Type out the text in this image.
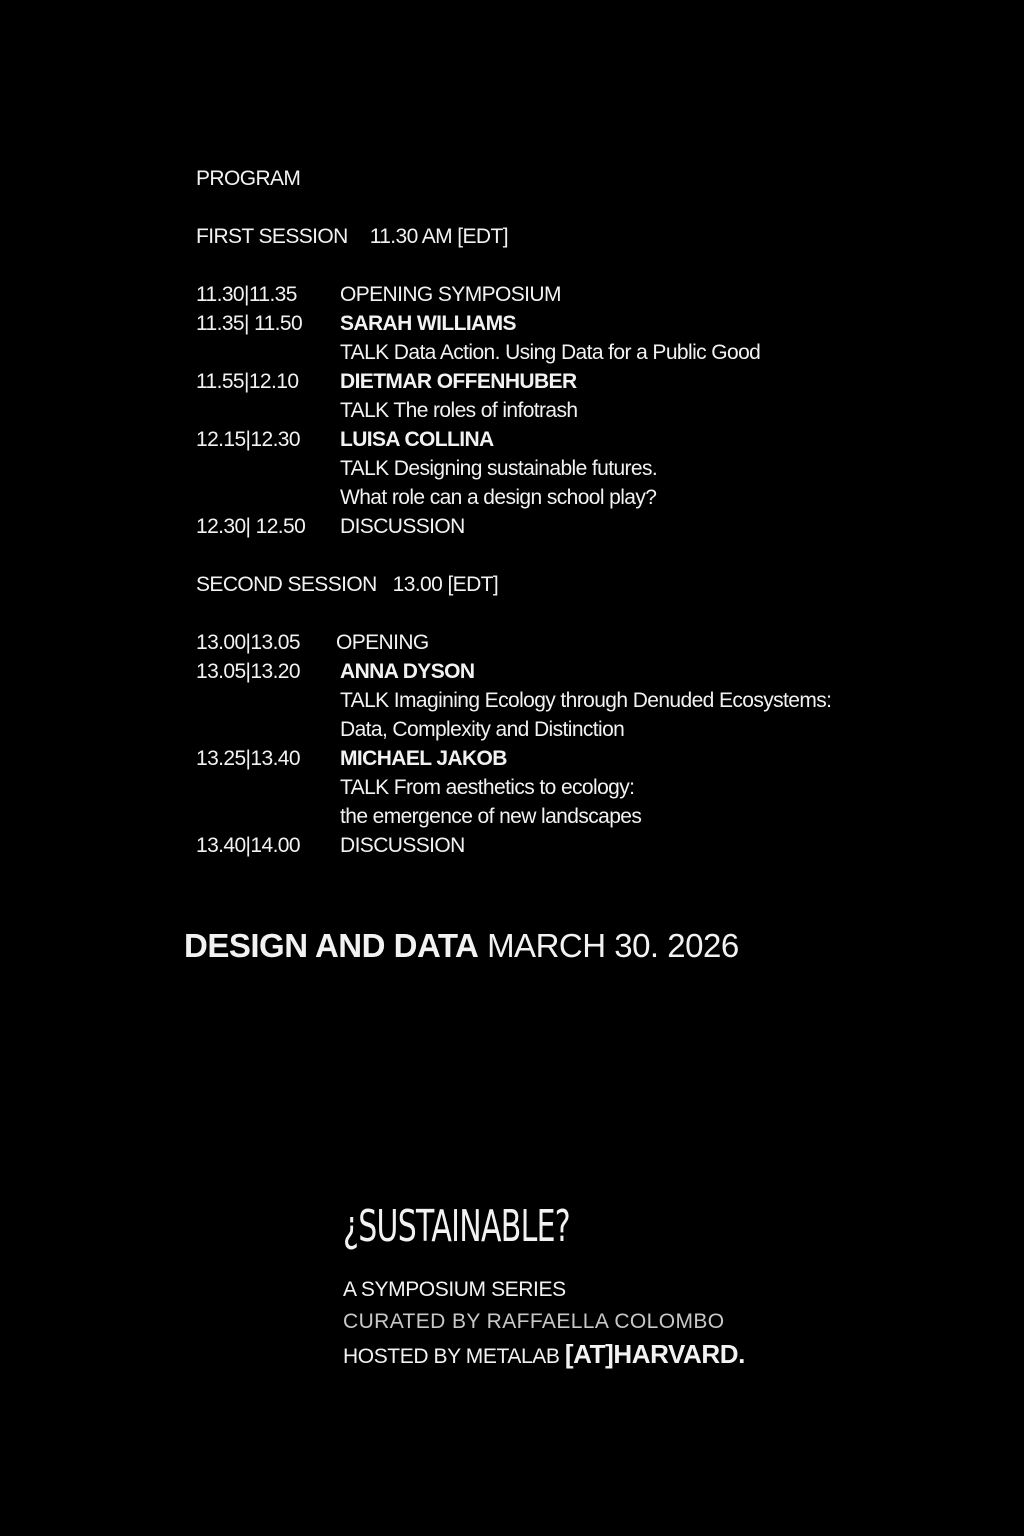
PROGRAM
FIRST SESSION 11.30 AM [EDT]
11.30|11.35 OPENING SYMPOSIUM
11.35| 11.50 SARAH WILLIAMS
TALK Data Action. Using Data for a Public Good
11.55|12.10 DIETMAR OFFENHUBER
TALK The roles of infotrash
12.15|12.30 LUISA COLLINA
TALK Designing sustainable futures.
What role can a design school play?
12.30| 12.50 DISCUSSION
SECOND SESSION 13.00 [EDT]
13.00|13.05 OPENING
13.05|13.20 ANNA DYSON
TALK Imagining Ecology through Denuded Ecosystems:
Data, Complexity and Distinction
13.25|13.40 MICHAEL JAKOB
TALK From aesthetics to ecology:
the emergence of new landscapes
13.40|14.00 DISCUSSION
DESIGN AND DATA MARCH 30. 2026
¿SUSTAINABLE?
A SYMPOSIUM SERIES
CURATED BY RAFFAELLA COLOMBO
HOSTED BY METALAB [AT]HARVARD.
